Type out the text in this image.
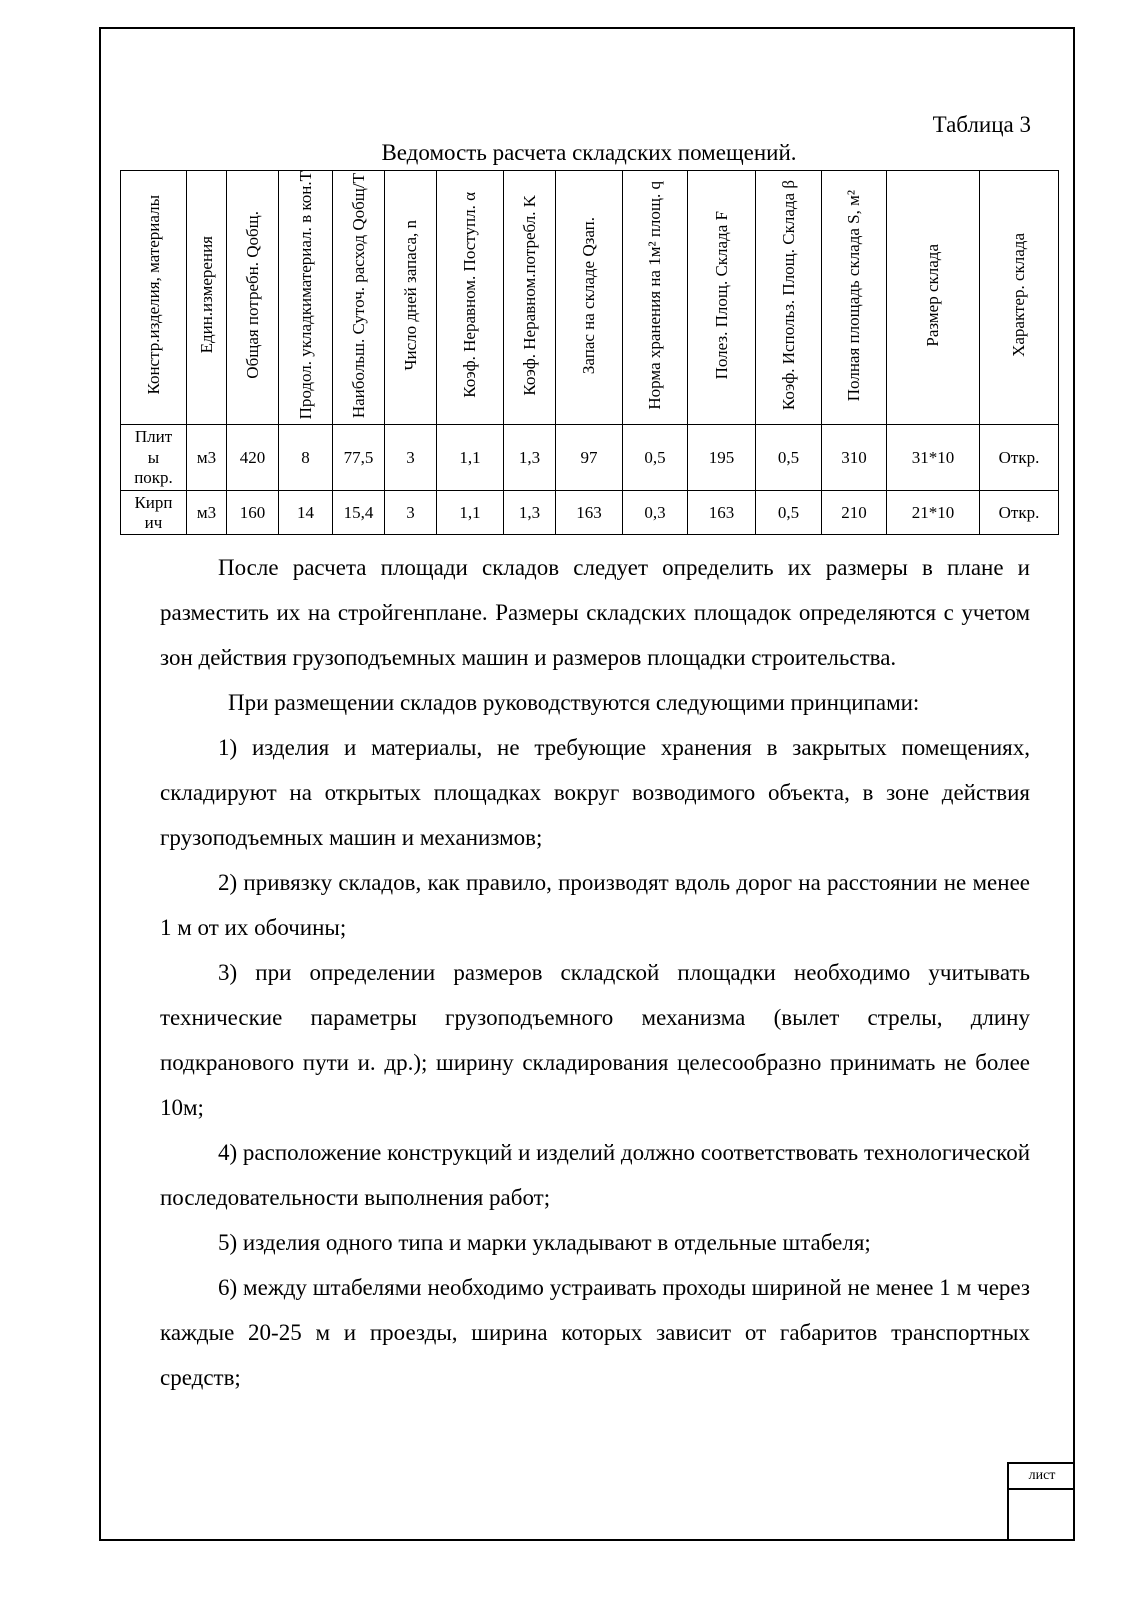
Таблица 3
Ведомость расчета складских помещений.
Констр.изделия, материалы	Един.измерения	Общая потребн. Qобщ.	Продол. укладкиматериал. в кон.T	Наибольш. Суточ. расход Qобщ/T	Число дней запаса, n	Коэф. Неравном. Поступл. α	Коэф. Неравном.потребл. K	Запас на складе Qзап.	Норма хранения на 1м² площ. q	Полез. Площ. Склада F	Коэф. Использ. Площ. Склада β	Полная площадь склада S, м²	Размер склада	Характер. склада

Плит
ы
покр.	м3	420	8	77,5	3	1,1	1,3	97	0,5	195	0,5	310	31*10	Откр.

Кирп
ич	м3	160	14	15,4	3	1,1	1,3	163	0,3	163	0,5	210	21*10	Откр.

После расчета площади складов следует определить их размеры в плане и разместить их на стройгенплане. Размеры складских площадок определяются с учетом зон действия грузоподъемных машин и размеров площадки строительства.

При размещении складов руководствуются следующими принципами:

1) изделия и материалы, не требующие хранения в закрытых помещениях, складируют на открытых площадках вокруг возводимого объекта, в зоне действия грузоподъемных машин и механизмов;

2) привязку складов, как правило, производят вдоль дорог на расстоянии не менее 1 м от их обочины;

3) при определении размеров складской площадки необходимо учитывать технические параметры грузоподъемного механизма (вылет стрелы, длину подкранового пути и. др.); ширину складирования целесообразно принимать не более 10м;

4) расположение конструкций и изделий должно соответствовать технологической последовательности выполнения работ;

5) изделия одного типа и марки укладывают в отдельные штабеля;

6) между штабелями необходимо устраивать проходы шириной не менее 1 м через каждые 20-25 м и проезды, ширина которых зависит от габаритов транспортных средств;

лист
